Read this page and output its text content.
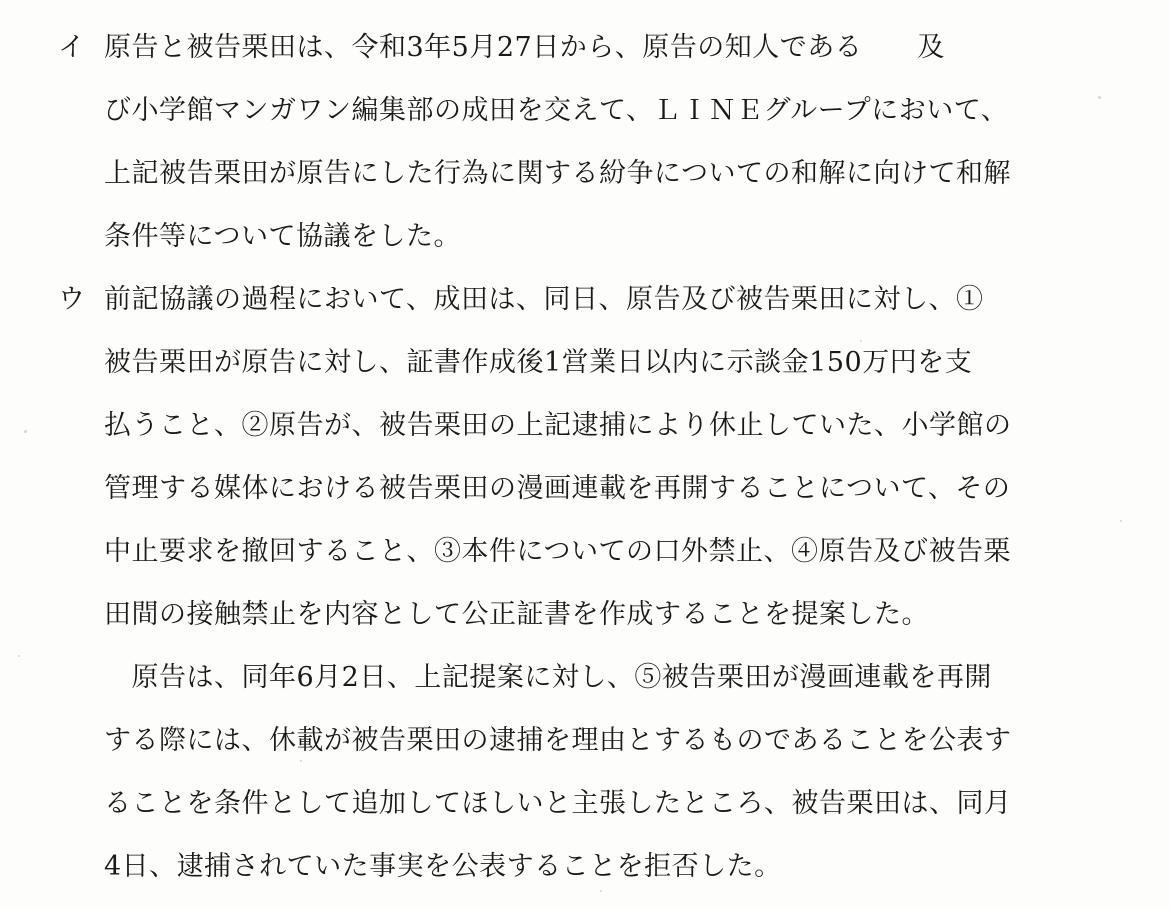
イ 原告と被告栗田は、令和3年5月27日から、原告の知人である　　及
び小学館マンガワン編集部の成田を交えて、ＬＩＮＥグループにおいて、
上記被告栗田が原告にした行為に関する紛争についての和解に向けて和解
条件等について協議をした。
ウ 前記協議の過程において、成田は、同日、原告及び被告栗田に対し、①
被告栗田が原告に対し、証書作成後1営業日以内に示談金150万円を支
払うこと、②原告が、被告栗田の上記逮捕により休止していた、小学館の
管理する媒体における被告栗田の漫画連載を再開することについて、その
中止要求を撤回すること、③本件についての口外禁止、④原告及び被告栗
田間の接触禁止を内容として公正証書を作成することを提案した。
　原告は、同年6月2日、上記提案に対し、⑤被告栗田が漫画連載を再開
する際には、休載が被告栗田の逮捕を理由とするものであることを公表す
ることを条件として追加してほしいと主張したところ、被告栗田は、同月
4日、逮捕されていた事実を公表することを拒否した。
